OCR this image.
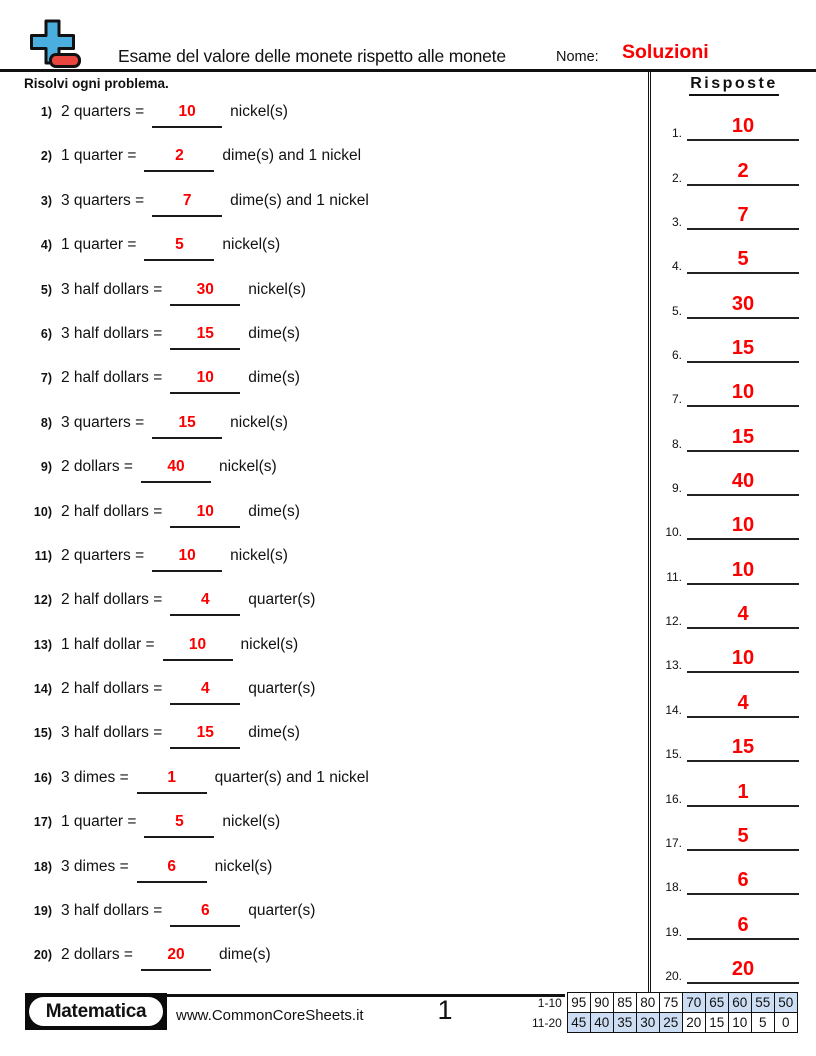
Esame del valore delle monete rispetto alle monete	Nome: Soluzioni
Risolvi ogni problema.
1) 2 quarters =	10	nickel(s)
2) 1 quarter =	2	dime(s) and 1 nickel
3) 3 quarters =	7	dime(s) and 1 nickel
4) 1 quarter =	5	nickel(s)
5) 3 half dollars =	30	nickel(s)
6) 3 half dollars =	15	dime(s)
7) 2 half dollars =	10	dime(s)
8) 3 quarters =	15	nickel(s)
9) 2 dollars =	40	nickel(s)
10) 2 half dollars =	10	dime(s)
11) 2 quarters =	10	nickel(s)
12) 2 half dollars =	4	quarter(s)
13) 1 half dollar =	10	nickel(s)
14) 2 half dollars =	4	quarter(s)
15) 3 half dollars =	15	dime(s)
16) 3 dimes =	1	quarter(s) and 1 nickel
17) 1 quarter =	5	nickel(s)
18) 3 dimes =	6	nickel(s)
19) 3 half dollars =	6	quarter(s)
20) 2 dollars =	20	dime(s)
Risposte
1.	10
2.	2
3.	7
4.	5
5.	30
6.	15
7.	10
8.	15
9.	40
10.	10
11.	10
12.	4
13.	10
14.	4
15.	15
16.	1
17.	5
18.	6
19.	6
20.	20
Matematica	www.CommonCoreSheets.it	1	1-10	95	90	85	80	75	70	65	60	55	50
11-20	45	40	35	30	25	20	15	10	5	0
